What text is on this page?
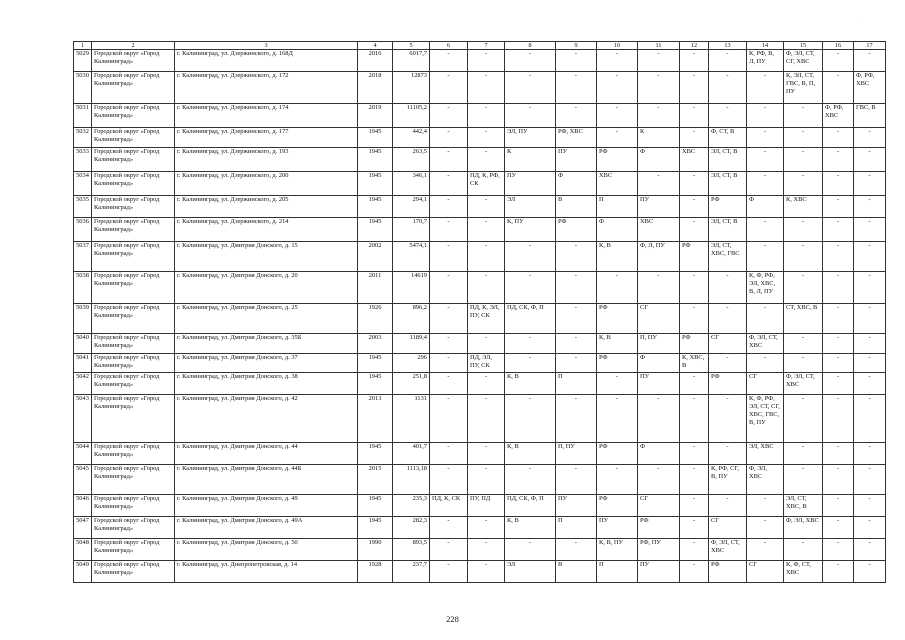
1	2	3	4	5	6	7	8	9	10	11	12	13	14	15	16	17
5029	Городской округ «Город Калининград»	г. Калининград, ул. Дзержинского, д. 168Д	2016	6017,7	-	-	-	-	-	-	-	-	К, РФ, В, Л, ПУ	Ф, ЭЛ, СТ, СГ, ХВС	-	-
5030	Городской округ «Город Калининград»	г. Калининград, ул. Дзержинского, д. 172	2018	12873	-	-	-	-	-	-	-	-	-	К, ЭЛ, СТ, ГВС, В, П, ПУ	-	Ф, РФ, ХВС
5031	Городской округ «Город Калининград»	г. Калининград, ул. Дзержинского, д. 174	2019	11105,2	-	-	-	-	-	-	-	-	-	-	Ф, РФ, ХВС	ГВС, В
5032	Городской округ «Город Калининград»	г. Калининград, ул. Дзержинского, д. 177	1945	442,4	-	-	ЭЛ, ПУ	РФ, ХВС	-	К	-	Ф, СТ, В	-	-	-	-
5033	Городской округ «Город Калининград»	г. Калининград, ул. Дзержинского, д. 193	1945	263,5	-	-	К	ПУ	РФ	Ф	ХВС	ЭЛ, СТ, В	-	-	-	-
5034	Городской округ «Город Калининград»	г. Калининград, ул. Дзержинского, д. 200	1945	346,1	-	ПД, К, РФ, СК	ПУ	Ф	ХВС	-	-	ЭЛ, СТ, В	-	-	-	-
5035	Городской округ «Город Калининград»	г. Калининград, ул. Дзержинского, д. 205	1945	294,1	-	-	ЭЛ	В	П	ПУ	-	РФ	Ф	К, ХВС	-	-
5036	Городской округ «Город Калининград»	г. Калининград, ул. Дзержинского, д. 214	1945	170,7	-	-	К, ПУ	РФ	Ф	ХВС	-	ЭЛ, СТ, В	-	-	-	-
5037	Городской округ «Город Калининград»	г. Калининград, ул. Дмитрия Донского, д. 15	2002	5474,1	-	-	-	-	К, В	Ф, Л, ПУ	РФ	ЭЛ, СТ, ХВС, ГВС	-	-	-	-
5038	Городской округ «Город Калининград»	г. Калининград, ул. Дмитрия Донского, д. 20	2011	14619	-	-	-	-	-	-	-	-	К, Ф, РФ, ЭЛ, ХВС, В, Л, ПУ	-	-	-
5039	Городской округ «Город Калининград»	г. Калининград, ул. Дмитрия Донского, д. 25	1926	896,2	-	ПД, К, ЭЛ, ПУ, СК	ПД, СК, Ф, П	-	РФ	СГ	-	-	-	СТ, ХВС, В	-	-
5040	Городской округ «Город Калининград»	г. Калининград, ул. Дмитрия Донского, д. 35Б	2003	1189,4	-	-	-	-	К, В	П, ПУ	РФ	СГ	Ф, ЭЛ, СТ, ХВС	-	-	-
5041	Городской округ «Город Калининград»	г. Калининград, ул. Дмитрия Донского, д. 37	1945	296	-	ПД, ЭЛ, ПУ, СК	-	-	РФ	Ф	К, ХВС, В	-	-	-	-	-
5042	Городской округ «Город Калининград»	г. Калининград, ул. Дмитрия Донского, д. 38	1945	251,8	-	-	К, В	П	-	ПУ	-	РФ	СГ	Ф, ЭЛ, СТ, ХВС	-	-
5043	Городской округ «Город Калининград»	г. Калининград, ул. Дмитрия Донского, д. 42	2013	1131	-	-	-	-	-	-	-	-	К, Ф, РФ, ЭЛ, СТ, СГ, ХВС, ГВС, В, ПУ	-	-	-
5044	Городской округ «Город Калининград»	г. Калининград, ул. Дмитрия Донского, д. 44	1945	401,7	-	-	К, В	П, ПУ	РФ	Ф	-	-	ЭЛ, ХВС	-	-	-
5045	Городской округ «Город Калининград»	г. Калининград, ул. Дмитрия Донского, д. 44Б	2015	1113,18	-	-	-	-	-	-	-	К, РФ, СГ, В, ПУ	Ф, ЭЛ, ХВС	-	-	-
5046	Городской округ «Город Калининград»	г. Калининград, ул. Дмитрия Донского, д. 49	1945	235,3	ПД, К, СК	ПУ, ПД	ПД, СК, Ф, П	ПУ	РФ	СГ	-	-	-	ЭЛ, СТ, ХВС, В	-	-
5047	Городской округ «Город Калининград»	г. Калининград, ул. Дмитрия Донского, д. 49А	1945	282,3	-	-	К, В	П	ПУ	РФ	-	СГ	-	Ф, ЭЛ, ХВС	-	-
5048	Городской округ «Город Калининград»	г. Калининград, ул. Дмитрия Донского, д. 50	1990	893,5	-	-	-	-	К, В, ПУ	РФ, ПУ	-	Ф, ЭЛ, СТ, ХВС	-	-	-	-
5049	Городской округ «Город Калининград»	г. Калининград, ул. Днепропетровская, д. 14	1928	237,7	-	-	ЭЛ	В	П	ПУ	-	РФ	СГ	К, Ф, СТ, ХВС	-	-
228
·
·
